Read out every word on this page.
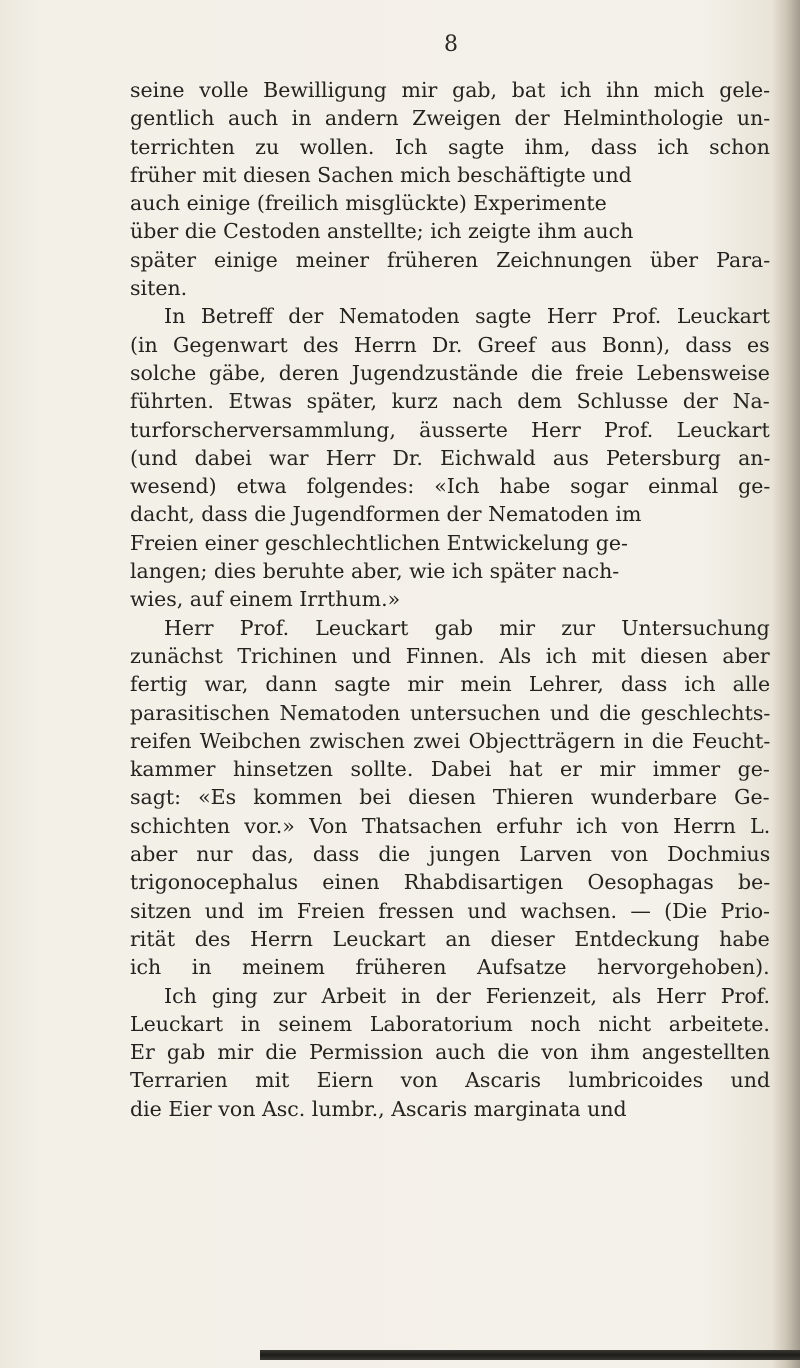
8
seine volle Bewilligung mir gab, bat ich ihn mich gele-
gentlich auch in andern Zweigen der Helminthologie un-
terrichten zu wollen. Ich sagte ihm, dass ich schon
früher mit diesen Sachen mich beschäftigte und
auch einige (freilich misglückte) Experimente
über die Cestoden anstellte; ich zeigte ihm auch
später einige meiner früheren Zeichnungen über Para-
siten.
In Betreff der Nematoden sagte Herr Prof. Leuckart
(in Gegenwart des Herrn Dr. Greef aus Bonn), dass es
solche gäbe, deren Jugendzustände die freie Lebensweise
führten. Etwas später, kurz nach dem Schlusse der Na-
turforscherversammlung, äusserte Herr Prof. Leuckart
(und dabei war Herr Dr. Eichwald aus Petersburg an-
wesend) etwa folgendes: «Ich habe sogar einmal ge-
dacht, dass die Jugendformen der Nematoden im
Freien einer geschlechtlichen Entwickelung ge-
langen; dies beruhte aber, wie ich später nach-
wies, auf einem Irrthum.»
Herr Prof. Leuckart gab mir zur Untersuchung
zunächst Trichinen und Finnen. Als ich mit diesen aber
fertig war, dann sagte mir mein Lehrer, dass ich alle
parasitischen Nematoden untersuchen und die geschlechts-
reifen Weibchen zwischen zwei Objectträgern in die Feucht-
kammer hinsetzen sollte. Dabei hat er mir immer ge-
sagt: «Es kommen bei diesen Thieren wunderbare Ge-
schichten vor.» Von Thatsachen erfuhr ich von Herrn L.
aber nur das, dass die jungen Larven von Dochmius
trigonocephalus einen Rhabdisartigen Oesophagas be-
sitzen und im Freien fressen und wachsen. — (Die Prio-
rität des Herrn Leuckart an dieser Entdeckung habe
ich in meinem früheren Aufsatze hervorgehoben).
Ich ging zur Arbeit in der Ferienzeit, als Herr Prof.
Leuckart in seinem Laboratorium noch nicht arbeitete.
Er gab mir die Permission auch die von ihm angestellten
Terrarien mit Eiern von Ascaris lumbricoides und
die Eier von Asc. lumbr., Ascaris marginata und
